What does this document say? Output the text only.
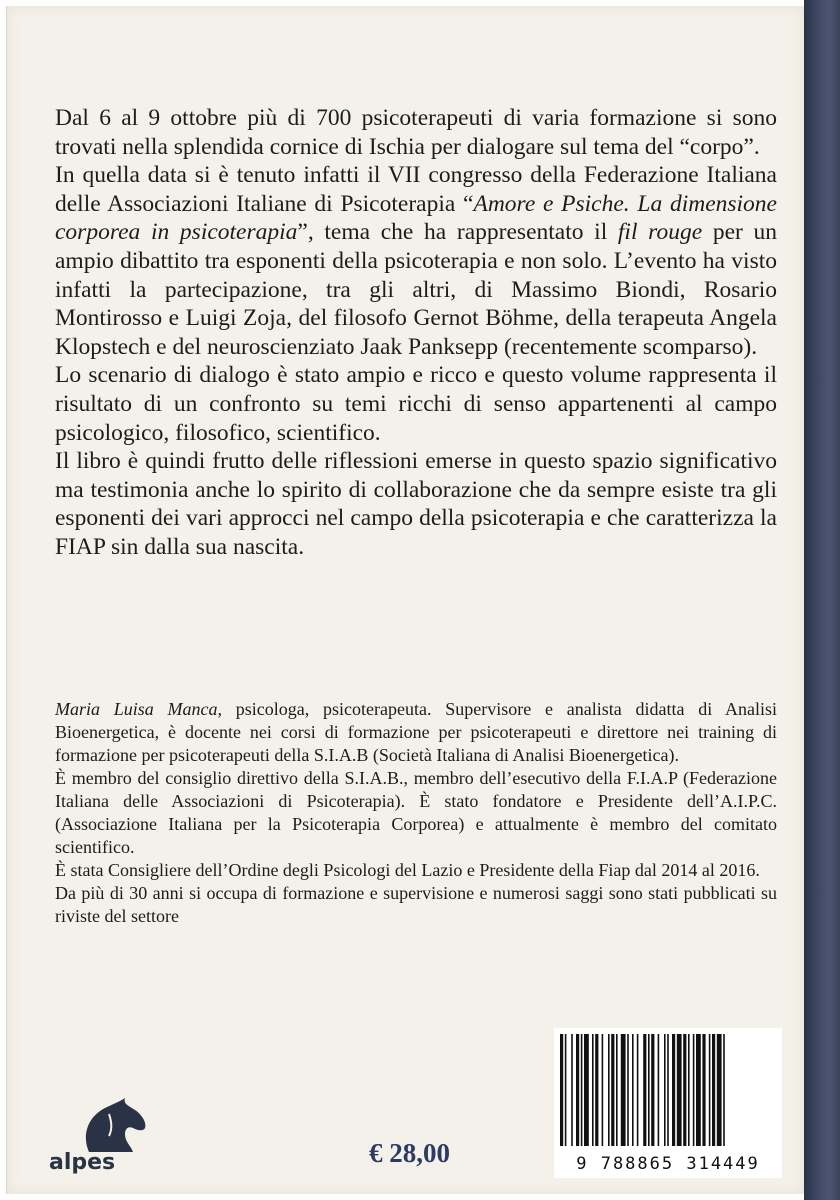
Dal 6 al 9 ottobre più di 700 psicoterapeuti di varia formazione si sono trovati nella splendida cornice di Ischia per dialogare sul tema del “corpo”.

In quella data si è tenuto infatti il VII congresso della Federazione Italiana delle Associazioni Italiane di Psicoterapia “Amore e Psiche. La dimensione corporea in psicoterapia”, tema che ha rappresentato il fil rouge per un ampio dibattito tra esponenti della psicoterapia e non solo. L’evento ha visto infatti la partecipazione, tra gli altri, di Massimo Biondi, Rosario Montirosso e Luigi Zoja, del filosofo Gernot Böhme, della terapeuta Angela Klopstech e del neuroscienziato Jaak Panksepp (recentemente scomparso).

Lo scenario di dialogo è stato ampio e ricco e questo volume rappresenta il risultato di un confronto su temi ricchi di senso appartenenti al campo psicologico, filosofico, scientifico.

Il libro è quindi frutto delle riflessioni emerse in questo spazio significativo ma testimonia anche lo spirito di collaborazione che da sempre esiste tra gli esponenti dei vari approcci nel campo della psicoterapia e che caratterizza la FIAP sin dalla sua nascita.

Maria Luisa Manca, psicologa, psicoterapeuta. Supervisore e analista didatta di Analisi Bioenergetica, è docente nei corsi di formazione per psicoterapeuti e direttore nei training di formazione per psicoterapeuti della S.I.A.B (Società Italiana di Analisi Bioenergetica).

È membro del consiglio direttivo della S.I.A.B., membro dell’esecutivo della F.I.A.P (Federazione Italiana delle Associazioni di Psicoterapia). È stato fondatore e Presidente dell’A.I.P.C. (Associazione Italiana per la Psicoterapia Corporea) e attualmente è membro del comitato scientifico.

È stata Consigliere dell’Ordine degli Psicologi del Lazio e Presidente della Fiap dal 2014 al 2016.

Da più di 30 anni si occupa di formazione e supervisione e numerosi saggi sono stati pubblicati su riviste del settore

alpes	€ 28,00	9 788865 314449
